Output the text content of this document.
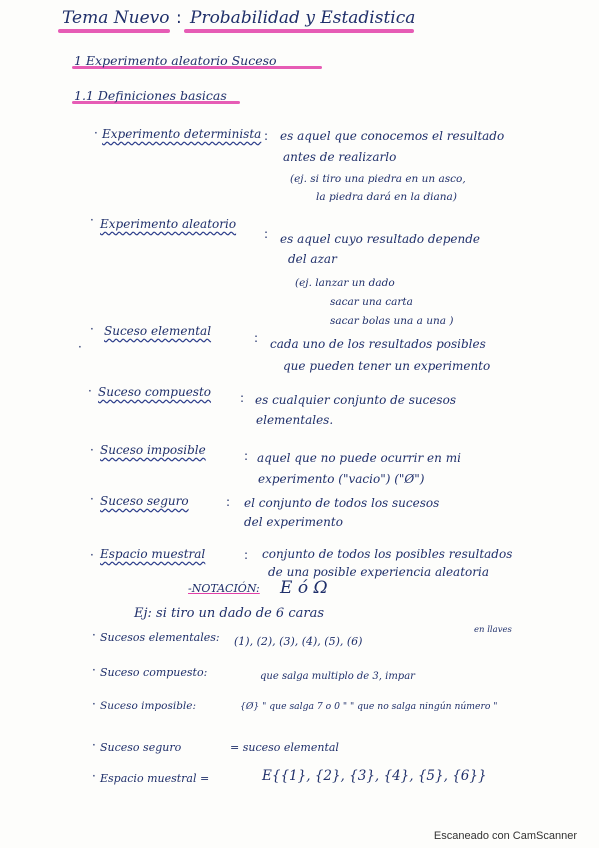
Tema Nuevo : Probabilidad y Estadistica
1 Experimento aleatorio Suceso
1.1 Definiciones basicas
· Experimento determinista : es aquel que conocemos el resultado
antes de realizarlo
(ej. si tiro una piedra en un asco,
la piedra dará en la diana)
· Experimento aleatorio
: es aquel cuyo resultado depende
del azar
(ej. lanzar un dado
sacar una carta
sacar bolas una a una )
·
·
Suceso elemental	: cada uno de los resultados posibles
que pueden tener un experimento
· Suceso compuesto : es cualquier conjunto de sucesos
elementales.
· Suceso imposible	: aquel que no puede ocurrir en mi
experimento ("vacio") ("Ø")
· Suceso seguro	: el conjunto de todos los sucesos
del experimento
· Espacio muestral	: conjunto de todos los posibles resultados
de una posible experiencia aleatoria
-NOTACIÓN: E ó Ω
Ej: si tiro un dado de 6 caras
· Sucesos elementales: (1), (2), (3), (4), (5), (6)
en llaves
· Suceso compuesto:	que salga multiplo de 3, impar
· Suceso imposible:	{Ø} " que salga 7 o 0 " " que no salga ningún número "
· Suceso seguro	= suceso elemental
· Espacio muestral =	E{{1}, {2}, {3}, {4}, {5}, {6}}
Escaneado con CamScanner
